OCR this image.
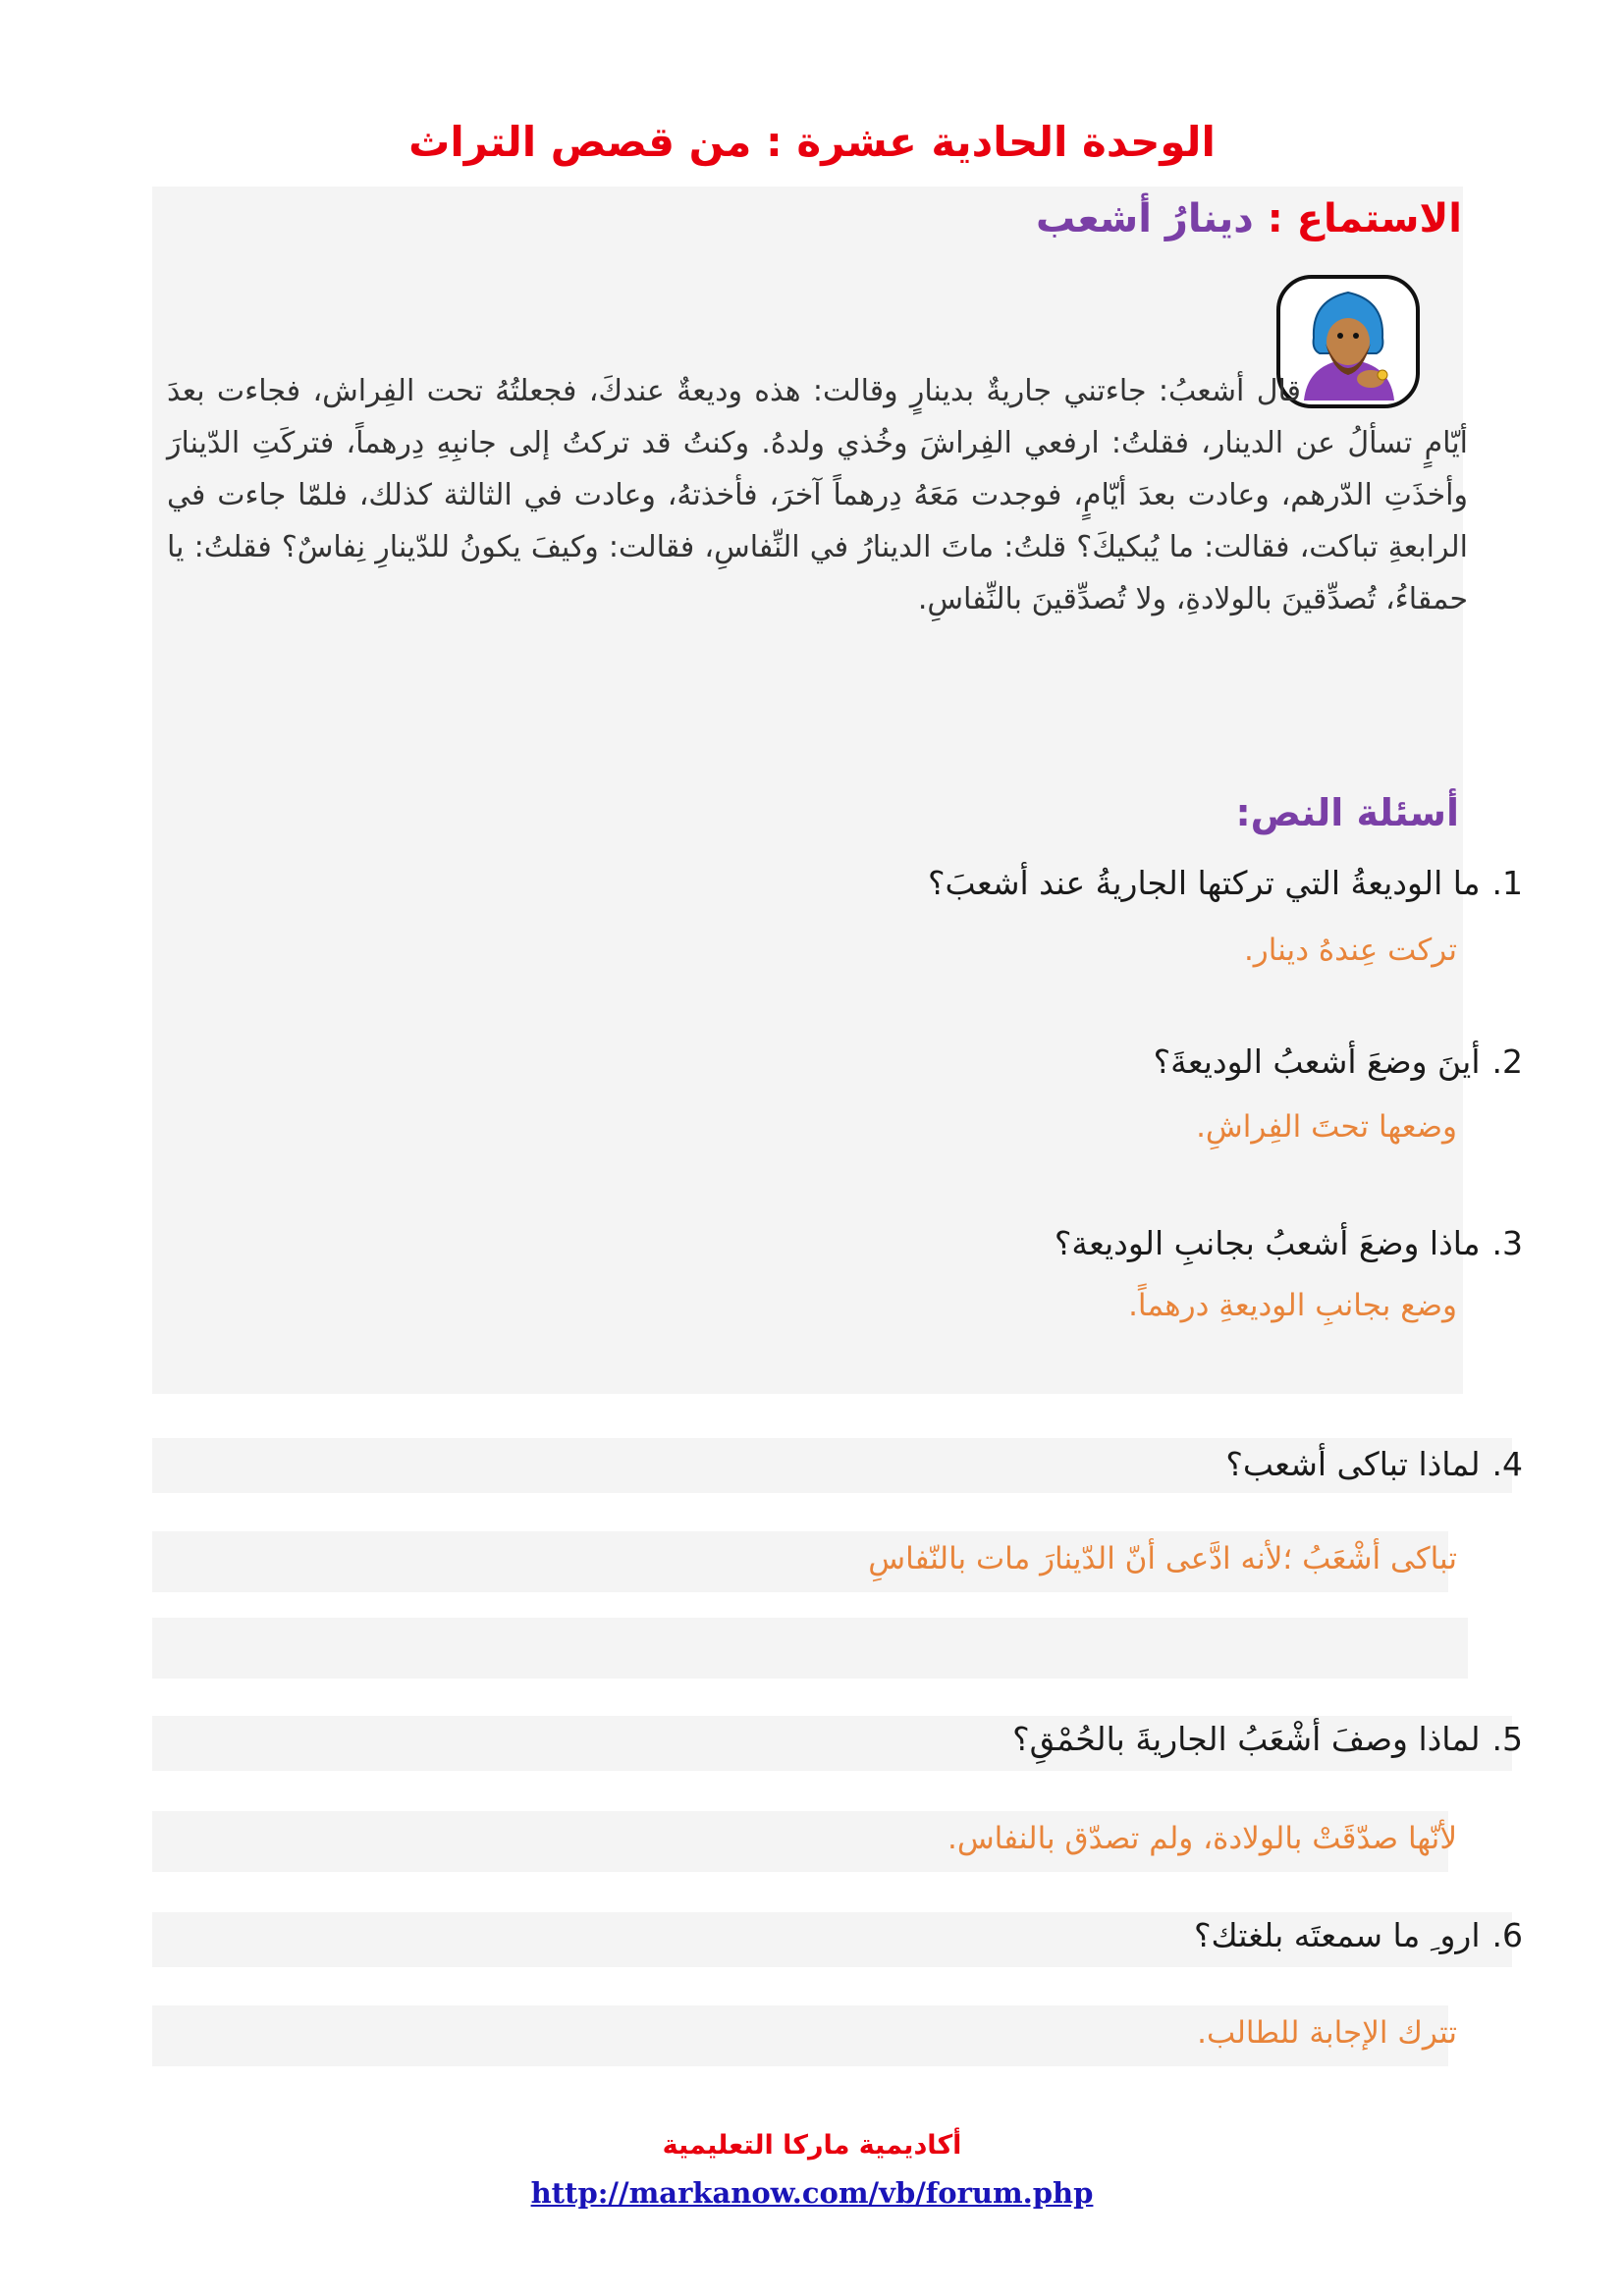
الوحدة الحادية عشرة : من قصص التراث
الاستماع : دينارُ أشعب

قال أشعبُ: جاءتني جاريةٌ بدينارٍ وقالت: هذه وديعةٌ عندكَ، فجعلتُهُ تحت الفِراش، فجاءت بعدَ أيّامٍ تسألُ عن الدينار، فقلتُ: ارفعي الفِراشَ وخُذي ولدهُ. وكنتُ قد تركتُ إلى جانبِهِ دِرهماً، فتركَتِ الدّينارَ وأخذَتِ الدّرهم، وعادت بعدَ أيّامٍ، فوجدت مَعَهُ دِرهماً آخرَ، فأخذتهُ، وعادت في الثالثة كذلك، فلمّا جاءت في الرابعةِ تباكت، فقالت: ما يُبكيكَ؟ قلتُ: ماتَ الدينارُ في النِّفاسِ، فقالت: وكيفَ يكونُ للدّينارِ نِفاسٌ؟ فقلتُ: يا حمقاءُ، تُصدِّقينَ بالولادةِ، ولا تُصدِّقينَ بالنِّفاسِ.

أسئلة النص:

1.ما الوديعةُ التي تركتها الجاريةُ عند أشعبَ؟

تركت عِندهُ دينار.

2.أينَ وضعَ أشعبُ الوديعةَ؟

وضعها تحتَ الفِراشِ.

3.ماذا وضعَ أشعبُ بجانبِ الوديعة؟

وضع بجانبِ الوديعةِ درهماً.

4.لماذا تباكى أشعب؟

تباكى أشْعَبُ ؛لأنه ادَّعى أنّ الدّينارَ مات بالنّفاسِ

5.لماذا وصفَ أشْعَبُ الجاريةَ بالحُمْقِ؟

لأنّها صدّقَتْ بالولادة، ولم تصدّق بالنفاس.

6.ارو ِ ما سمعتَه بلغتك؟

تترك الإجابة للطالب.

أكاديمية ماركا التعليمية

http://markanow.com/vb/forum.php
